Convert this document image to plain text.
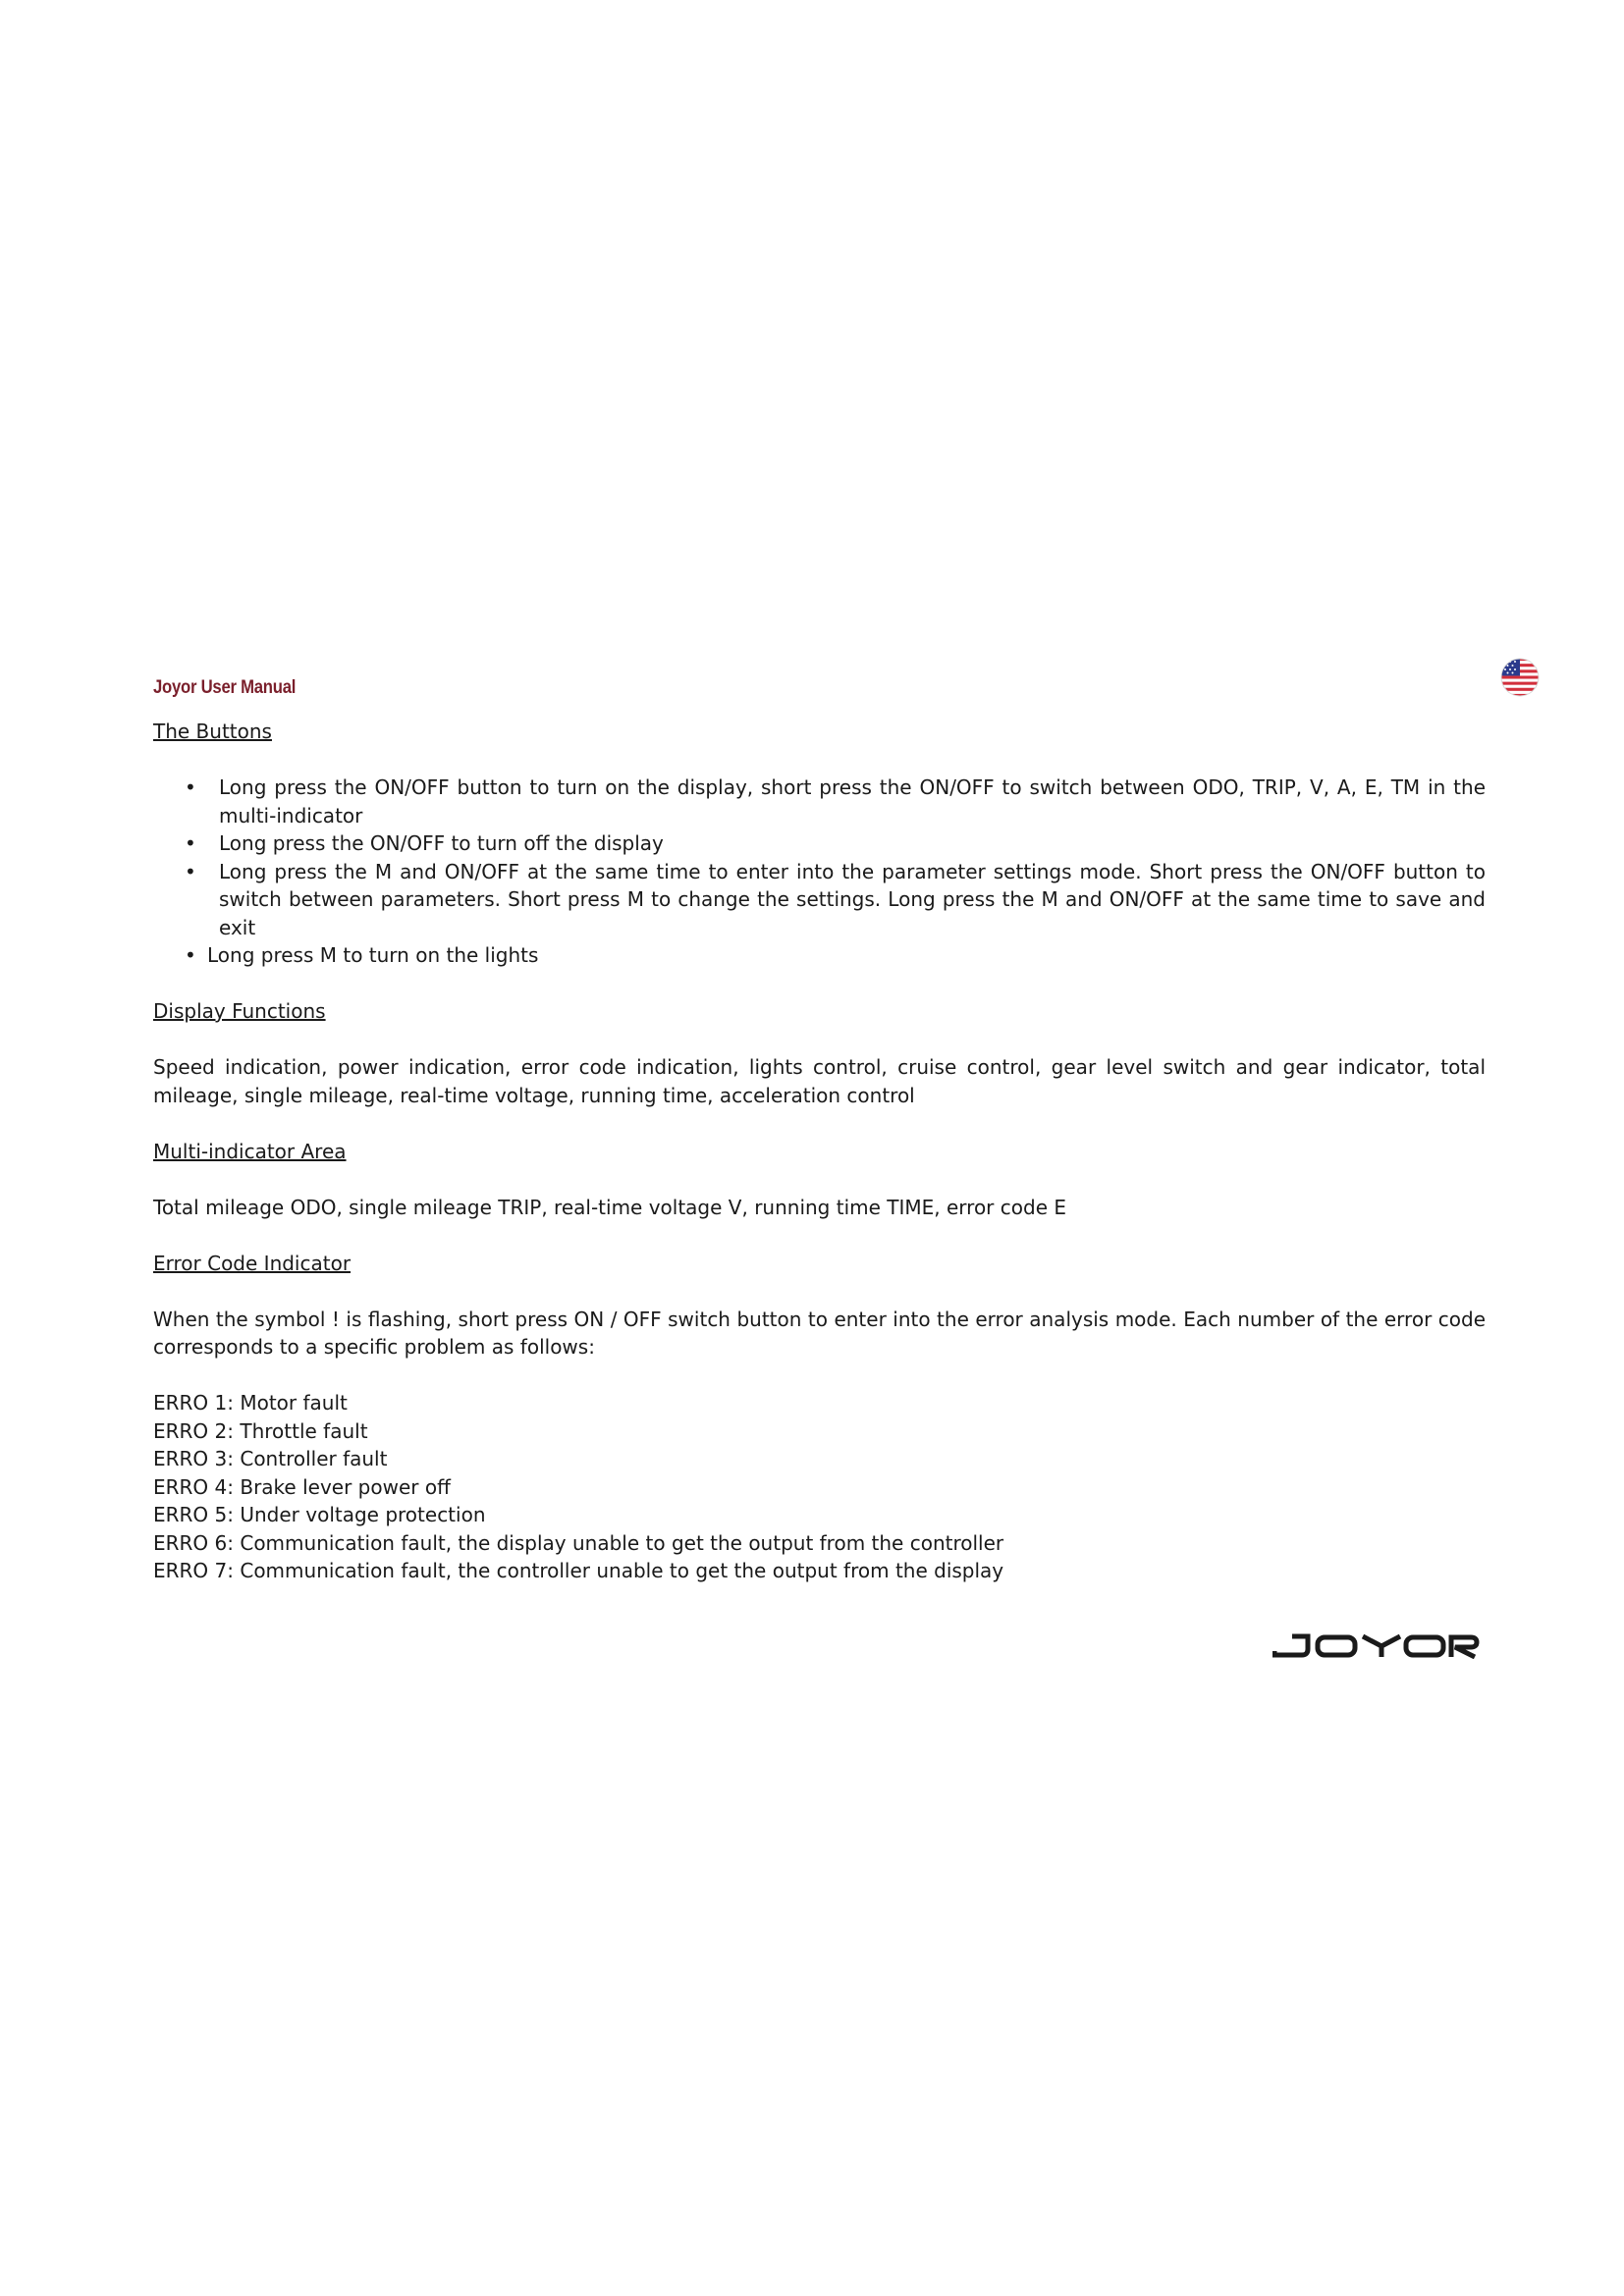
Joyor User Manual

The Buttons

• Long press the ON/OFF button to turn on the display, short press the ON/OFF to switch between ODO, TRIP, V, A, E, TM in the multi-indicator
• Long press the ON/OFF to turn off the display
• Long press the M and ON/OFF at the same time to enter into the parameter settings mode. Short press the ON/OFF button to switch between parameters. Short press M to change the settings. Long press the M and ON/OFF at the same time to save and exit
• Long press M to turn on the lights

Display Functions

Speed indication, power indication, error code indication, lights control, cruise control, gear level switch and gear indicator, total mileage, single mileage, real-time voltage, running time, acceleration control

Multi-indicator Area

Total mileage ODO, single mileage TRIP, real-time voltage V, running time TIME, error code E

Error Code Indicator

When the symbol ! is flashing, short press ON / OFF switch button to enter into the error analysis mode. Each number of the error code corresponds to a specific problem as follows:

ERRO 1: Motor fault

ERRO 2: Throttle fault

ERRO 3: Controller fault

ERRO 4: Brake lever power off

ERRO 5: Under voltage protection

ERRO 6: Communication fault, the display unable to get the output from the controller

ERRO 7: Communication fault, the controller unable to get the output from the display
